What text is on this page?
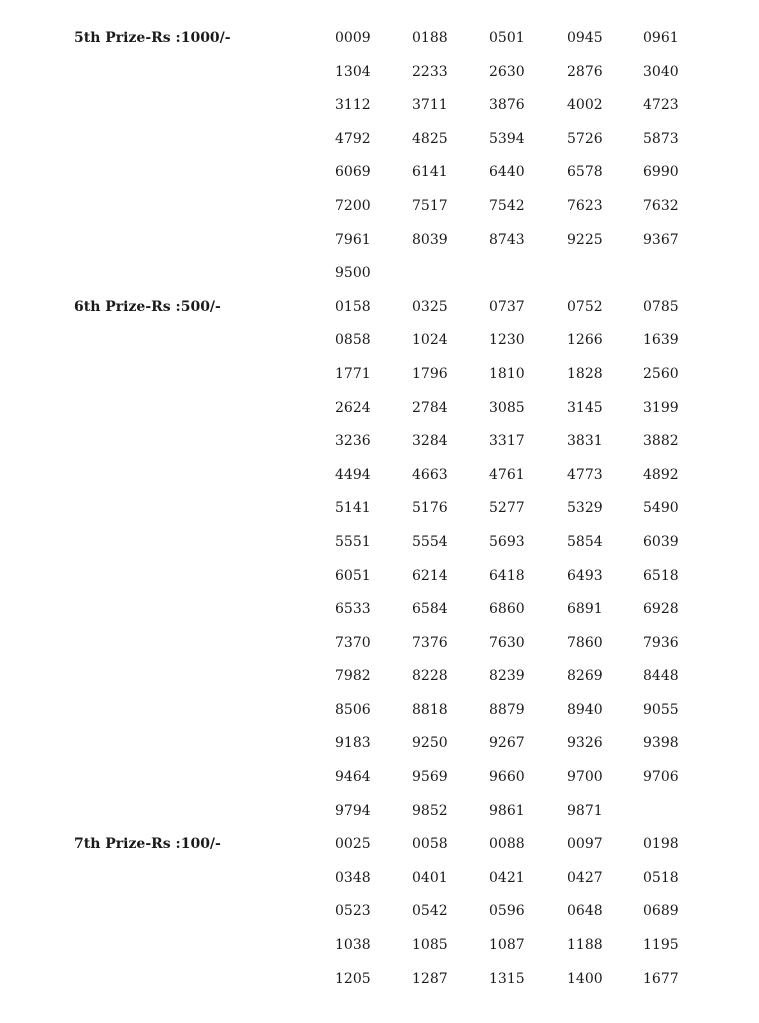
5th Prize-Rs :1000/-	0009	0188	0501	0945	0961
1304	2233	2630	2876	3040
3112	3711	3876	4002	4723
4792	4825	5394	5726	5873
6069	6141	6440	6578	6990
7200	7517	7542	7623	7632
7961	8039	8743	9225	9367
9500
6th Prize-Rs :500/-	0158	0325	0737	0752	0785
0858	1024	1230	1266	1639
1771	1796	1810	1828	2560
2624	2784	3085	3145	3199
3236	3284	3317	3831	3882
4494	4663	4761	4773	4892
5141	5176	5277	5329	5490
5551	5554	5693	5854	6039
6051	6214	6418	6493	6518
6533	6584	6860	6891	6928
7370	7376	7630	7860	7936
7982	8228	8239	8269	8448
8506	8818	8879	8940	9055
9183	9250	9267	9326	9398
9464	9569	9660	9700	9706
9794	9852	9861	9871
7th Prize-Rs :100/-	0025	0058	0088	0097	0198
0348	0401	0421	0427	0518
0523	0542	0596	0648	0689
1038	1085	1087	1188	1195
1205	1287	1315	1400	1677
